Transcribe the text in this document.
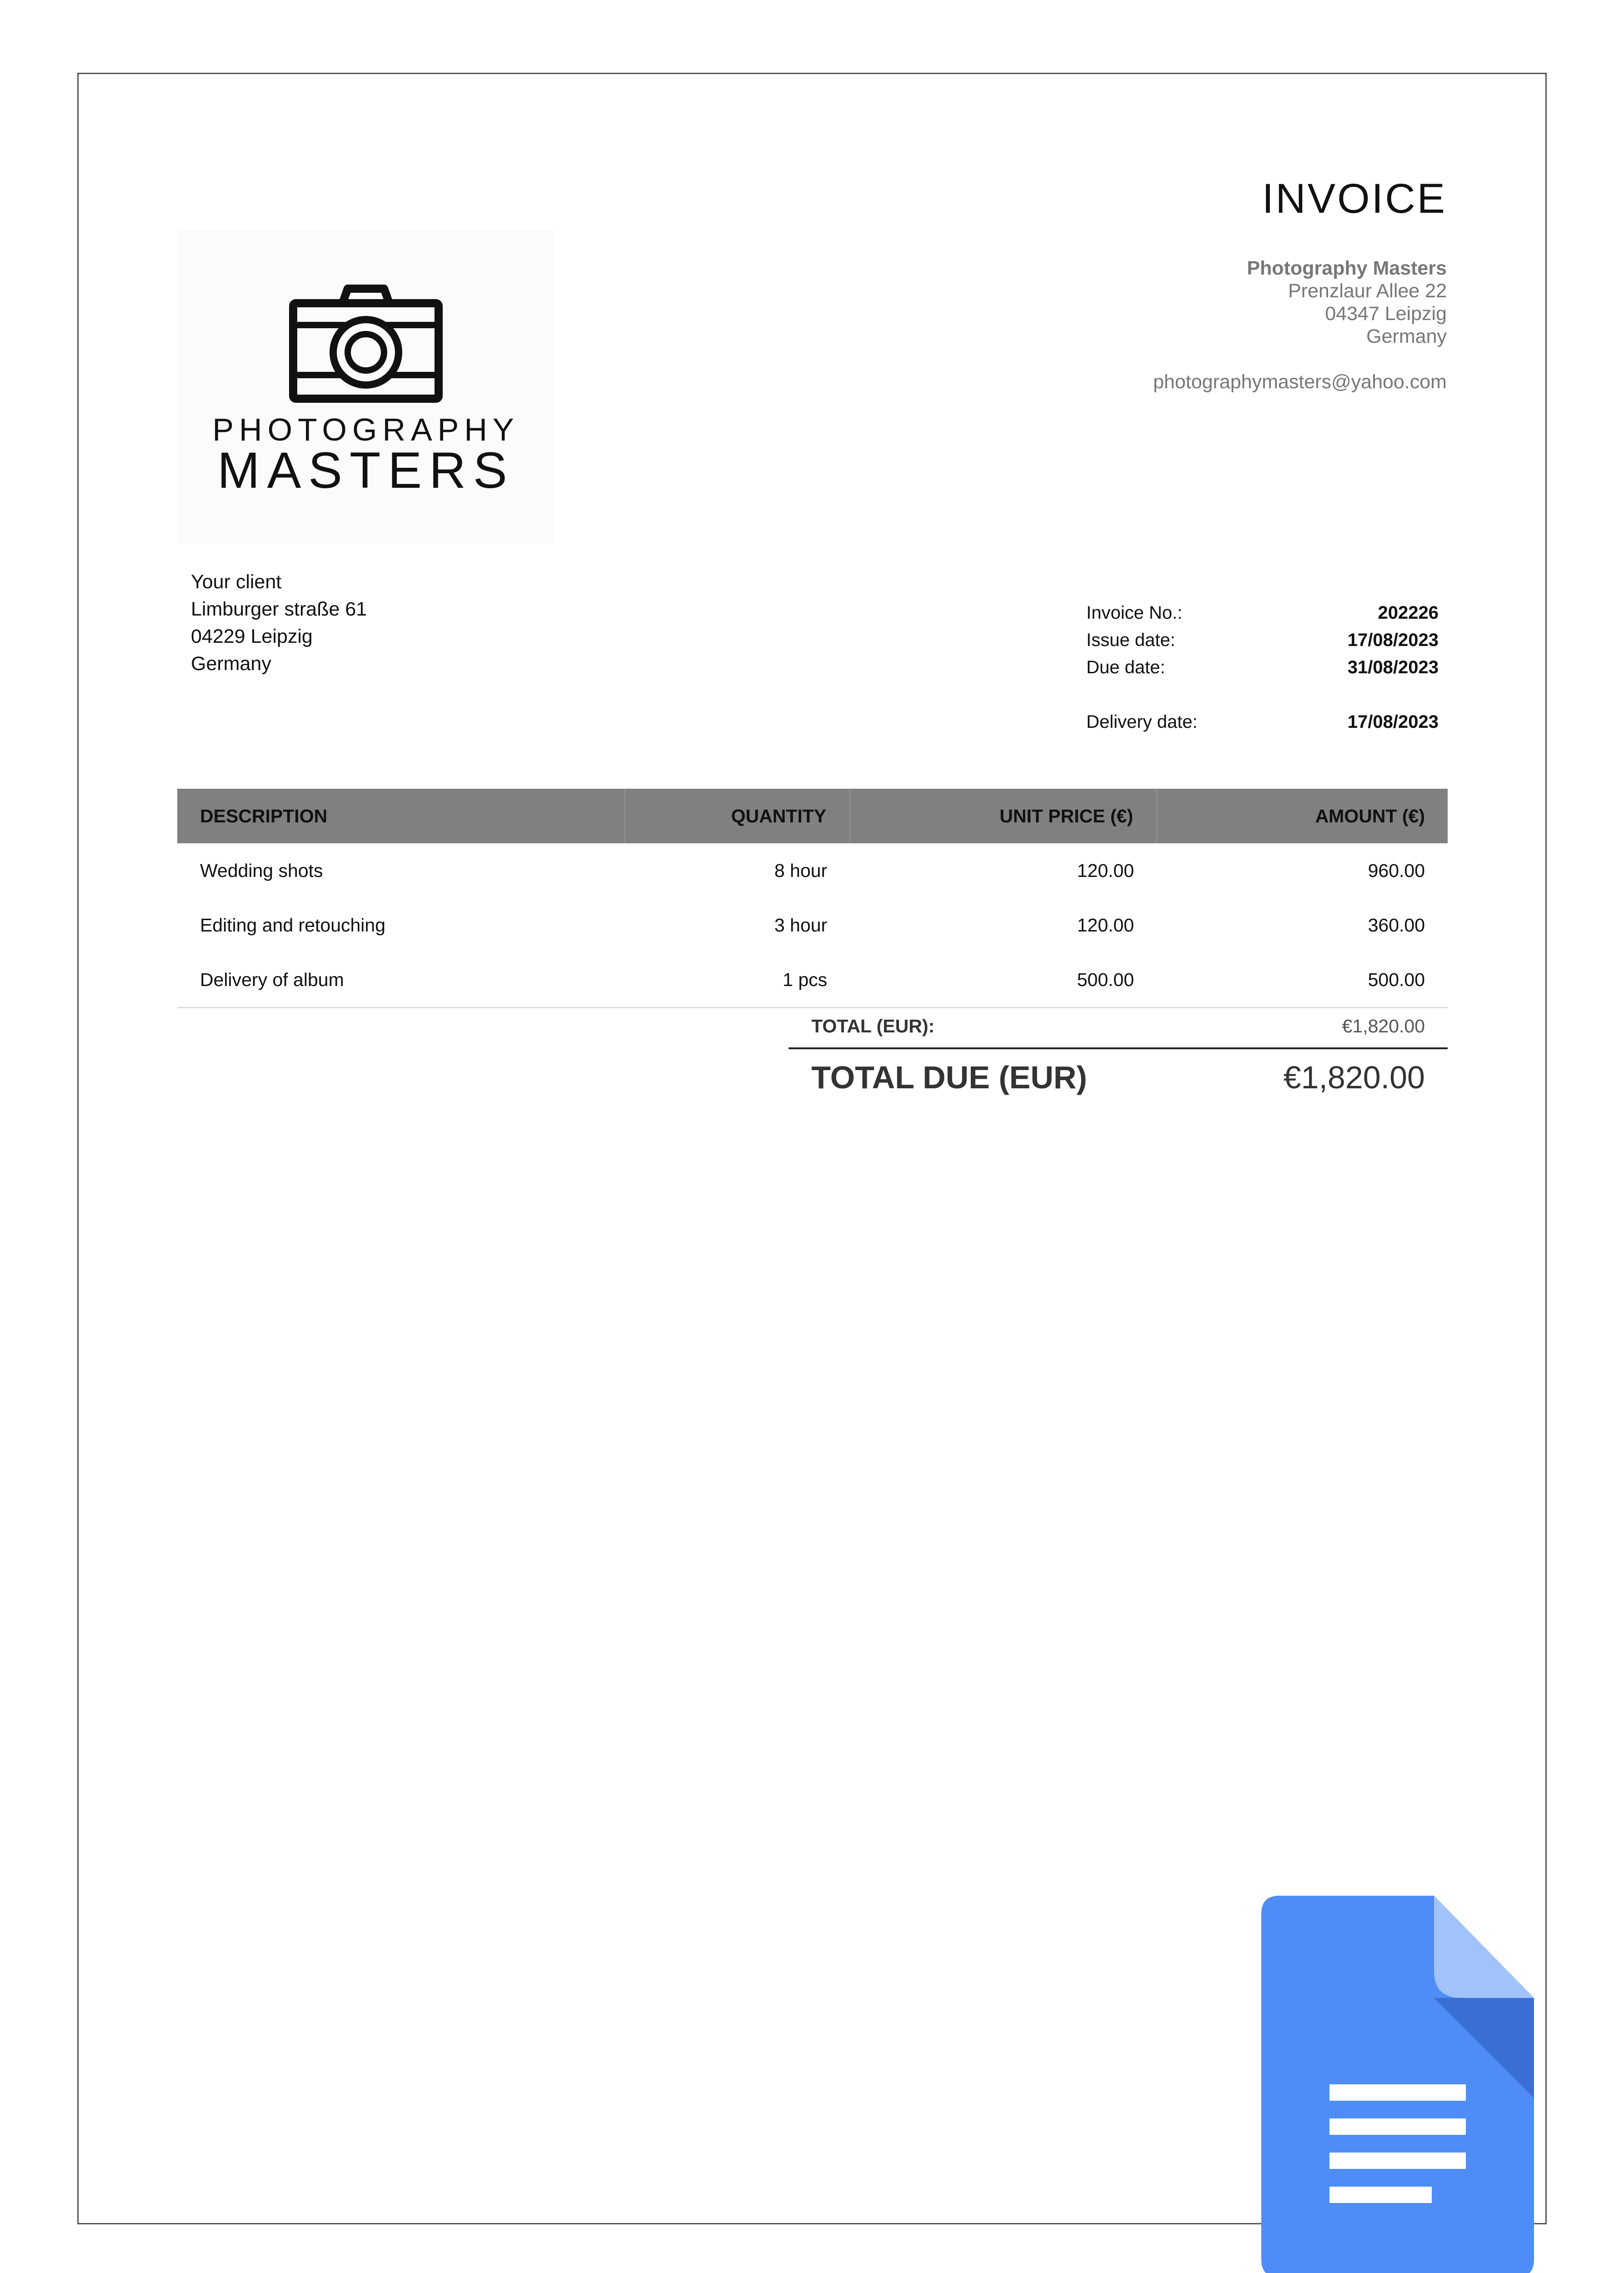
INVOICE
Photography Masters
Prenzlaur Allee 22
04347 Leipzig
Germany
photographymasters@yahoo.com
PHOTOGRAPHY
MASTERS
Your client
Limburger straße 61
04229 Leipzig
Germany
Invoice No.:	202226
Issue date:	17/08/2023
Due date:	31/08/2023
Delivery date:	17/08/2023
DESCRIPTION	QUANTITY	UNIT PRICE (€)	AMOUNT (€)
Wedding shots	8 hour	120.00	960.00
Editing and retouching	3 hour	120.00	360.00
Delivery of album	1 pcs	500.00	500.00
TOTAL (EUR):	€1,820.00
TOTAL DUE (EUR)	€1,820.00
